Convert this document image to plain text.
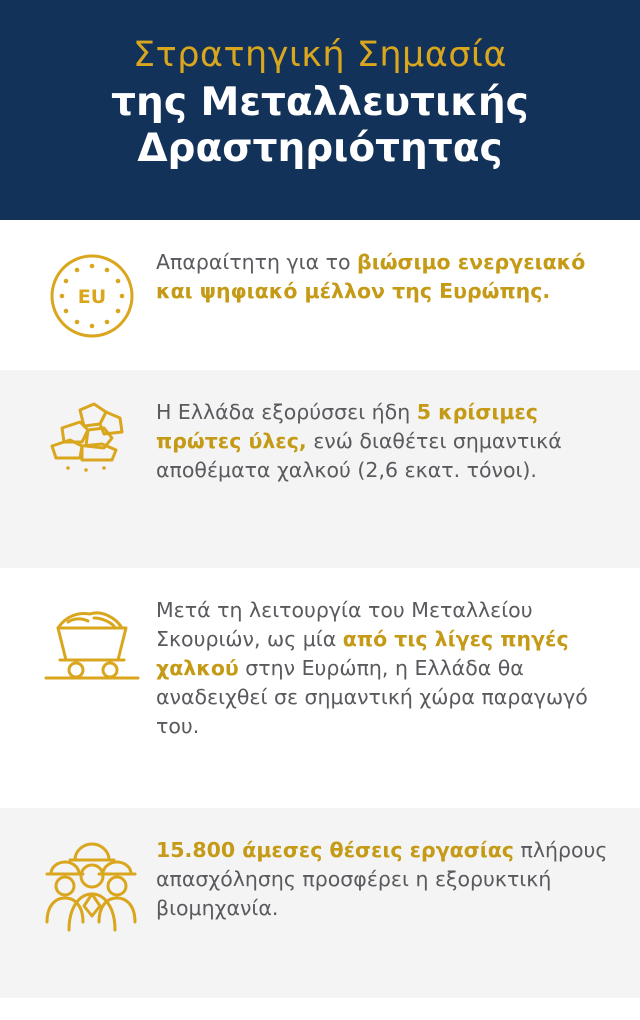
Στρατηγική Σημασία
της Μεταλλευτικής
Δραστηριότητας
EU
Απαραίτητη για το βιώσιμο ενεργειακό και ψηφιακό μέλλον της Ευρώπης.
Η Ελλάδα εξορύσσει ήδη 5 κρίσιμες πρώτες ύλες, ενώ διαθέτει σημαντικά αποθέματα χαλκού (2,6 εκατ. τόνοι).
Μετά τη λειτουργία του Μεταλλείου Σκουριών, ως μία από τις λίγες πηγές χαλκού στην Ευρώπη, η Ελλάδα θα αναδειχθεί σε σημαντική χώρα παραγωγό του.
15.800 άμεσες θέσεις εργασίας πλήρους απασχόλησης προσφέρει η εξορυκτική βιομηχανία.
